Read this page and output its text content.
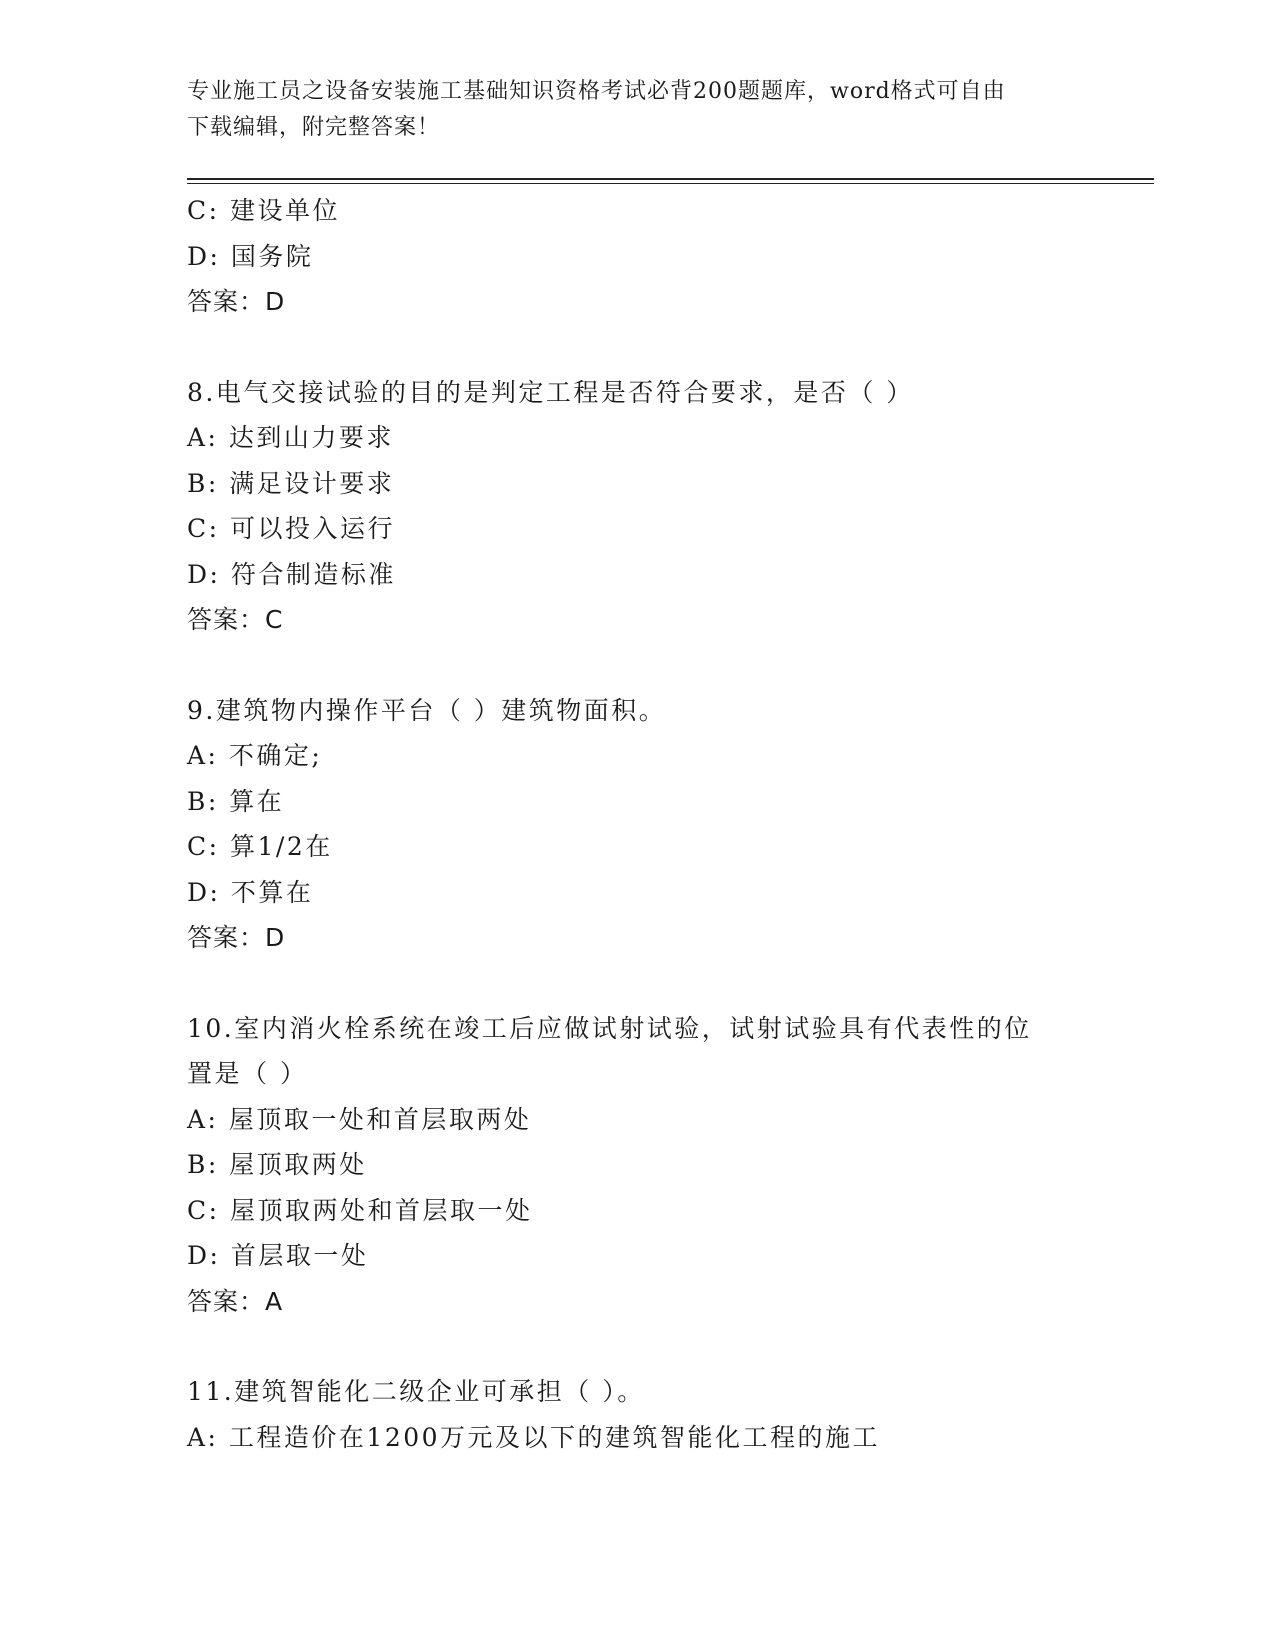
专业施工员之设备安装施工基础知识资格考试必背200题题库，word格式可自由
下载编辑，附完整答案！
C: 建设单位
D: 国务院
答案：D
8.电气交接试验的目的是判定工程是否符合要求，是否（ ）
A: 达到山力要求
B: 满足设计要求
C: 可以投入运行
D: 符合制造标准
答案：C
9.建筑物内操作平台（ ）建筑物面积。
A: 不确定;
B: 算在
C: 算1/2在
D: 不算在
答案：D
10.室内消火栓系统在竣工后应做试射试验，试射试验具有代表性的位
置是（ ）
A: 屋顶取一处和首层取两处
B: 屋顶取两处
C: 屋顶取两处和首层取一处
D: 首层取一处
答案：A
11.建筑智能化二级企业可承担（ ）。
A: 工程造价在1200万元及以下的建筑智能化工程的施工
